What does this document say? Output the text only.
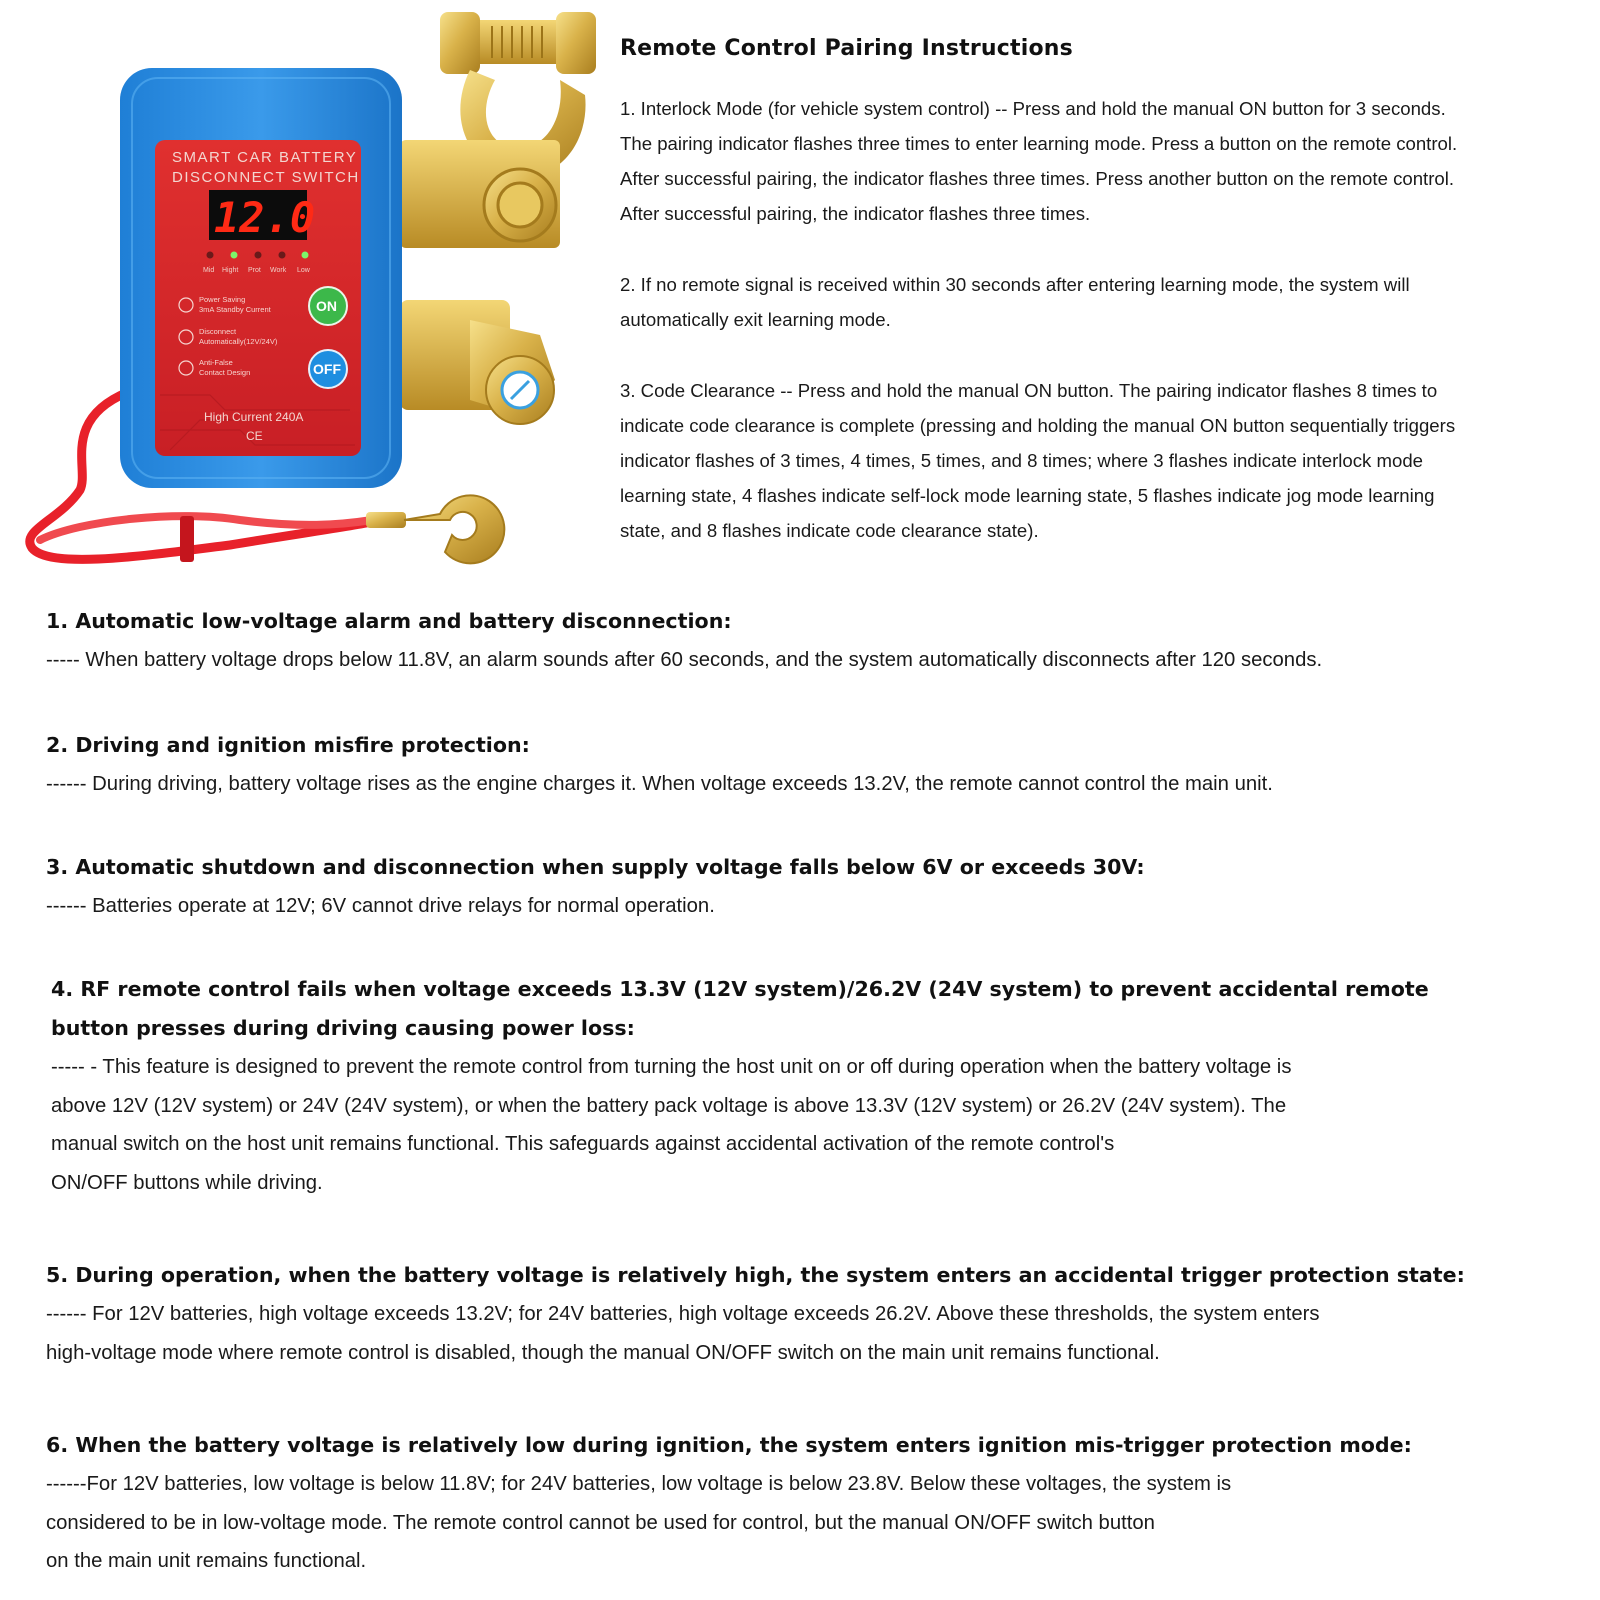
SMART CAR BATTERY
DISCONNECT SWITCH
12.0
Mid Hight Prot Work Low
Power Saving
3mA Standby Current
Disconnect
Automatically(12V/24V)
Anti-False
Contact Design
ON
OFF
High Current 240A
CE
Remote Control Pairing Instructions

1. Interlock Mode (for vehicle system control) -- Press and hold the manual ON button for 3 seconds.
The pairing indicator flashes three times to enter learning mode. Press a button on the remote control.
After successful pairing, the indicator flashes three times. Press another button on the remote control.
After successful pairing, the indicator flashes three times.

2. If no remote signal is received within 30 seconds after entering learning mode, the system will
automatically exit learning mode.

3. Code Clearance -- Press and hold the manual ON button. The pairing indicator flashes 8 times to
indicate code clearance is complete (pressing and holding the manual ON button sequentially triggers
indicator flashes of 3 times, 4 times, 5 times, and 8 times; where 3 flashes indicate interlock mode
learning state, 4 flashes indicate self-lock mode learning state, 5 flashes indicate jog mode learning
state, and 8 flashes indicate code clearance state).

1. Automatic low-voltage alarm and battery disconnection:

----- When battery voltage drops below 11.8V, an alarm sounds after 60 seconds, and the system automatically disconnects after 120 seconds.

2. Driving and ignition misfire protection:

------ During driving, battery voltage rises as the engine charges it. When voltage exceeds 13.2V, the remote cannot control the main unit.

3. Automatic shutdown and disconnection when supply voltage falls below 6V or exceeds 30V:

------ Batteries operate at 12V; 6V cannot drive relays for normal operation.

4. RF remote control fails when voltage exceeds 13.3V (12V system)/26.2V (24V system) to prevent accidental remote
button presses during driving causing power loss:

----- - This feature is designed to prevent the remote control from turning the host unit on or off during operation when the battery voltage is
above 12V (12V system) or 24V (24V system), or when the battery pack voltage is above 13.3V (12V system) or 26.2V (24V system). The
manual switch on the host unit remains functional. This safeguards against accidental activation of the remote control's
ON/OFF buttons while driving.

5. During operation, when the battery voltage is relatively high, the system enters an accidental trigger protection state:

------ For 12V batteries, high voltage exceeds 13.2V; for 24V batteries, high voltage exceeds 26.2V. Above these thresholds, the system enters
high-voltage mode where remote control is disabled, though the manual ON/OFF switch on the main unit remains functional.

6. When the battery voltage is relatively low during ignition, the system enters ignition mis-trigger protection mode:

------For 12V batteries, low voltage is below 11.8V; for 24V batteries, low voltage is below 23.8V. Below these voltages, the system is
considered to be in low-voltage mode. The remote control cannot be used for control, but the manual ON/OFF switch button
on the main unit remains functional.
